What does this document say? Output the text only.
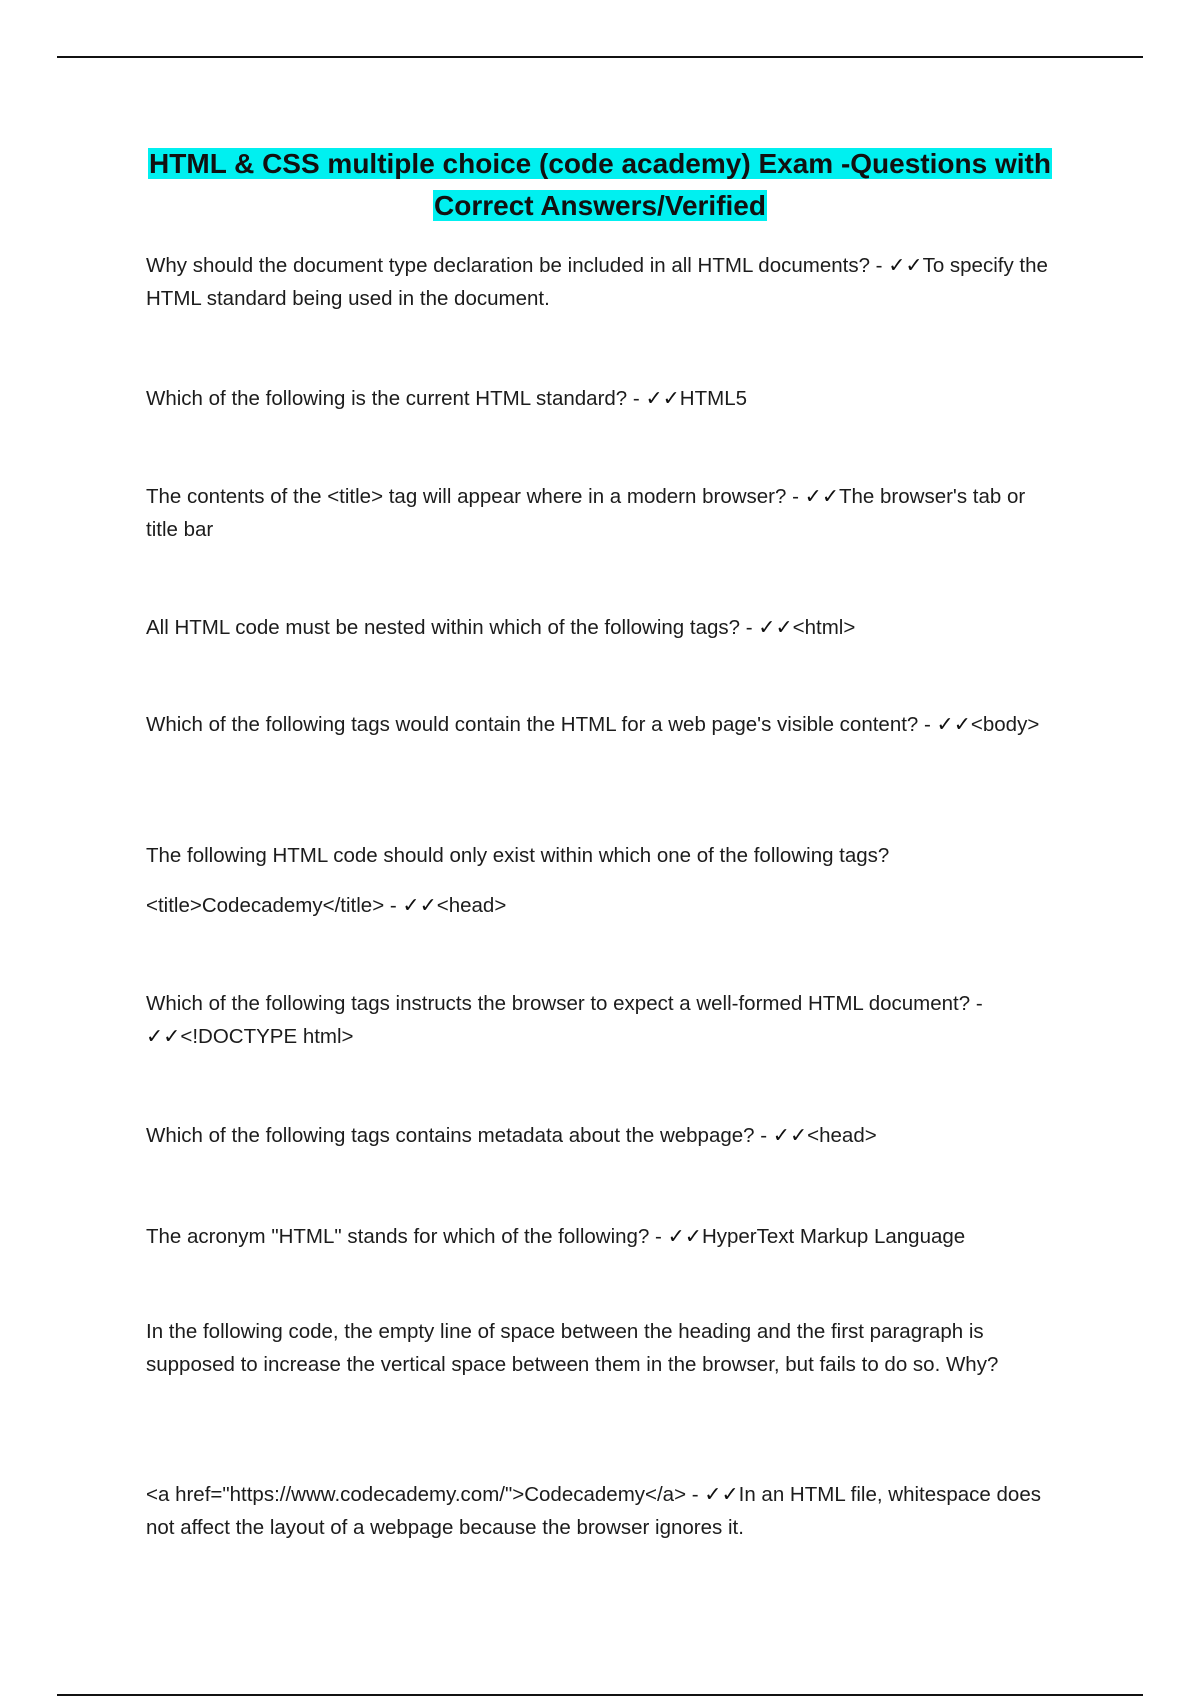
HTML & CSS multiple choice (code academy) Exam -Questions with
Correct Answers/Verified
Why should the document type declaration be included in all HTML documents? - ✓✓To specify the HTML standard being used in the document.
Which of the following is the current HTML standard? - ✓✓HTML5
The contents of the <title> tag will appear where in a modern browser? - ✓✓The browser's tab or title bar
All HTML code must be nested within which of the following tags? - ✓✓<html>
Which of the following tags would contain the HTML for a web page's visible content? - ✓✓<body>
The following HTML code should only exist within which one of the following tags?
<title>Codecademy</title> - ✓✓<head>
Which of the following tags instructs the browser to expect a well-formed HTML document? - ✓✓<!DOCTYPE html>
Which of the following tags contains metadata about the webpage? - ✓✓<head>
The acronym "HTML" stands for which of the following? - ✓✓HyperText Markup Language
In the following code, the empty line of space between the heading and the first paragraph is supposed to increase the vertical space between them in the browser, but fails to do so. Why?
<a href="https://www.codecademy.com/">Codecademy</a> - ✓✓In an HTML file, whitespace does not affect the layout of a webpage because the browser ignores it.
